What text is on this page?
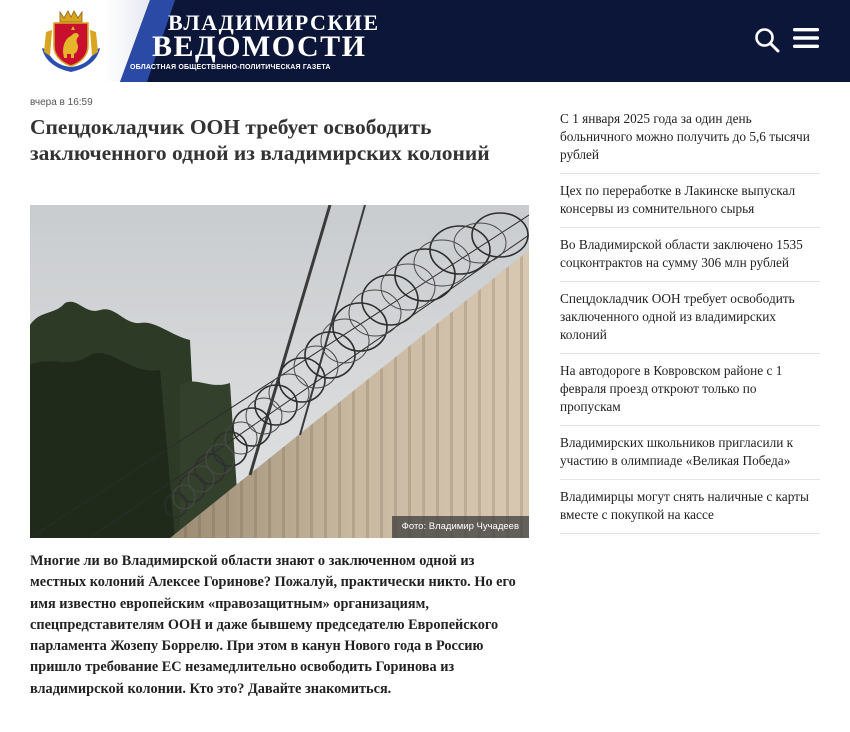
ВЛАДИМИРСКИЕ
ВЕДОМОСТИ
ОБЛАСТНАЯ ОБЩЕСТВЕННО-ПОЛИТИЧЕСКАЯ ГАЗЕТА
вчера в 16:59
Спецдокладчик ООН требует освободить заключенного одной из владимирских колоний
Фото: Владимир Чучадеев

Многие ли во Владимирской области знают о заключенном одной из местных колоний Алексее Горинове? Пожалуй, практически никто. Но его имя известно европейским «правозащитным» организациям, спецпредставителям ООН и даже бывшему председателю Европейского парламента Жозепу Боррелю. При этом в канун Нового года в Россию пришло требование ЕС незамедлительно освободить Горинова из владимирской колонии. Кто это? Давайте знакомиться.

С 1 января 2025 года за один день больничного можно получить до 5,6 тысячи рублей
Цех по переработке в Лакинске выпускал консервы из сомнительного сырья
Во Владимирской области заключено 1535 соцконтрактов на сумму 306 млн рублей
Спецдокладчик ООН требует освободить заключенного одной из владимирских колоний
На автодороге в Ковровском районе с 1 февраля проезд откроют только по пропускам
Владимирских школьников пригласили к участию в олимпиаде «Великая Победа»
Владимирцы могут снять наличные с карты вместе с покупкой на кассе
